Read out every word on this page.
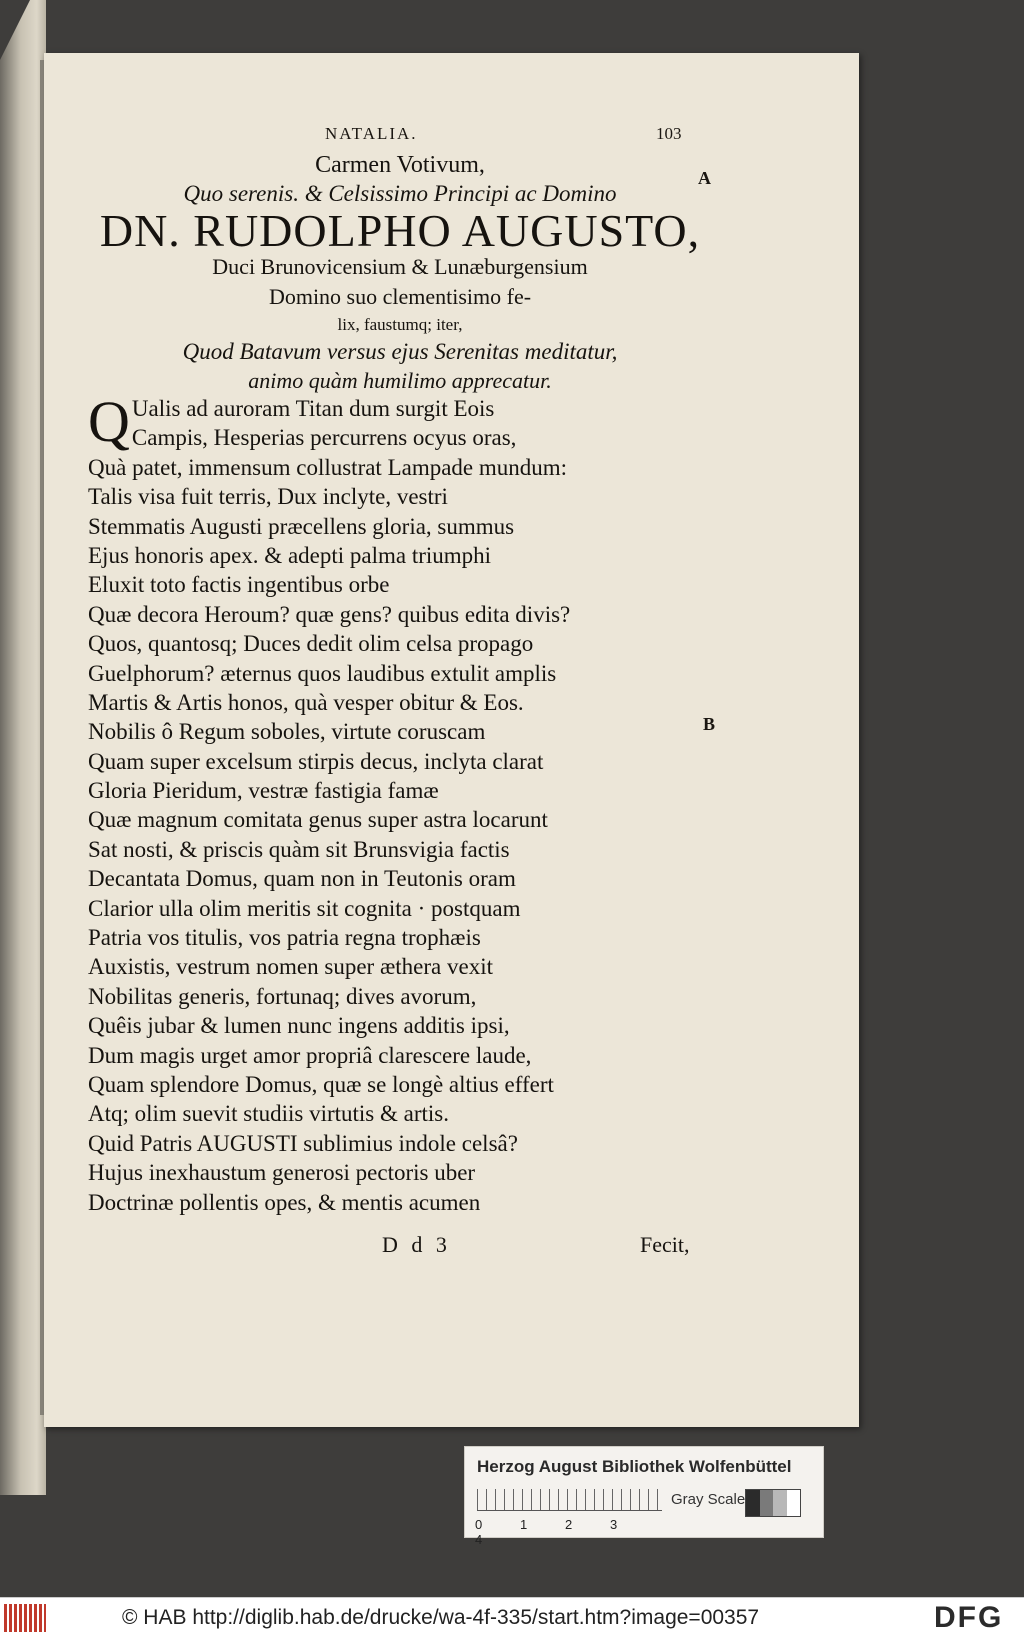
NATALIA.	103
A
B
Carmen Votivum,
Quo serenis. & Celsissimo Principi ac Domino
DN. RUDOLPHO AUGUSTO,
Duci Brunovicensium & Lunæburgensium
Domino suo clementisimo fe-
lix, faustumq; iter,
Quod Batavum versus ejus Serenitas meditatur,
animo quàm humilimo apprecatur.
Q Ualis ad auroram Titan dum surgit Eois
Campis, Hesperias percurrens ocyus oras,
Quà patet, immensum collustrat Lampade mundum:
Talis visa fuit terris, Dux inclyte, vestri
Stemmatis Augusti præcellens gloria, summus
Ejus honoris apex. & adepti palma triumphi
Eluxit toto factis ingentibus orbe
Quæ decora Heroum? quæ gens? quibus edita divis?
Quos, quantosq; Duces dedit olim celsa propago
Guelphorum? æternus quos laudibus extulit amplis
Martis & Artis honos, quà vesper obitur & Eos.
Nobilis ô Regum soboles, virtute coruscam
Quam super excelsum stirpis decus, inclyta clarat
Gloria Pieridum, vestræ fastigia famæ
Quæ magnum comitata genus super astra locarunt
Sat nosti, & priscis quàm sit Brunsvigia factis
Decantata Domus, quam non in Teutonis oram
Clarior ulla olim meritis sit cognita · postquam
Patria vos titulis, vos patria regna trophæis
Auxistis, vestrum nomen super æthera vexit
Nobilitas generis, fortunaq; dives avorum,
Quêis jubar & lumen nunc ingens additis ipsi,
Dum magis urget amor propriâ clarescere laude,
Quam splendore Domus, quæ se longè altius effert
Atq; olim suevit studiis virtutis & artis.
Quid Patris AUGUSTI sublimius indole celsâ?
Hujus inexhaustum generosi pectoris uber
Doctrinæ pollentis opes, & mentis acumen
D d 3	Fecit,
Herzog August Bibliothek Wolfenbüttel
0	1	2	34
Gray Scale
© HAB http://diglib.hab.de/drucke/wa-4f-335/start.htm?image=00357	DFG
